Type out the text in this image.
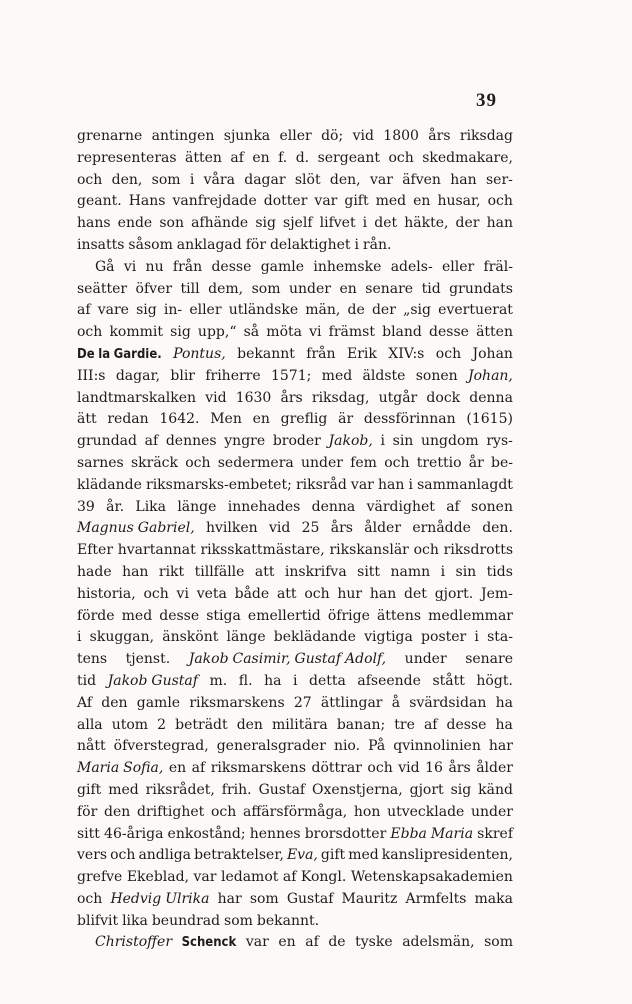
39
grenarne antingen sjunka eller dö; vid 1800 års riksdag
representeras ätten af en f. d. sergeant och skedmakare,
och den, som i våra dagar slöt den, var äfven han ser-
geant. Hans vanfrejdade dotter var gift med en husar, och
hans ende son afhände sig sjelf lifvet i det häkte, der han
insatts
såsom
anklagad
för
delaktighet
i
rån.
Gå vi nu från desse gamle inhemske adels- eller fräl-
seätter öfver till dem, som under en senare tid grundats
af vare sig in- eller utländske män, de der „sig evertuerat
och kommit sig upp,“ så möta vi främst bland desse ätten
De la Gardie. Pontus, bekannt från Erik XIV:s och Johan
III:s dagar, blir friherre 1571; med äldste sonen Johan,
landtmarskalken vid 1630 års riksdag, utgår dock denna
ätt redan 1642. Men en greflig är dessförinnan (1615)
grundad af dennes yngre broder Jakob, i sin ungdom rys-
sarnes skräck och sedermera under fem och trettio år be-
klädande riksmarsks-embetet; riksråd var han i sammanlagdt
39 år. Lika länge innehades denna värdighet af sonen
Magnus Gabriel, hvilken vid 25 års ålder ernådde den.
Efter hvartannat riksskattmästare, rikskanslär och riksdrotts
hade han rikt tillfälle att inskrifva sitt namn i sin tids
historia, och vi veta både att och hur han det gjort. Jem-
förde med desse stiga emellertid öfrige ättens medlemmar
i skuggan, änskönt länge beklädande vigtiga poster i sta-
tens tjenst. Jakob Casimir, Gustaf Adolf, under senare
tid Jakob Gustaf m. fl. ha i detta afseende stått högt.
Af den gamle riksmarskens 27 ättlingar å svärdsidan ha
alla utom 2 beträdt den militära banan; tre af desse ha
nått öfverstegrad, generalsgrader nio. På qvinnolinien har
Maria Sofia, en af riksmarskens döttrar och vid 16 års ålder
gift med riksrådet, frih. Gustaf Oxenstjerna, gjort sig känd
för den driftighet och affärsförmåga, hon utvecklade under
sitt 46-åriga enkostånd; hennes brorsdotter Ebba Maria skref
vers och andliga betraktelser, Eva, gift med kanslipresidenten,
grefve Ekeblad, var ledamot af Kongl. Wetenskapsakademien
och Hedvig Ulrika har som Gustaf Mauritz Armfelts maka
blifvit
lika
beundrad
som
bekannt.
Christoffer Schenck var en af de tyske adelsmän, som
